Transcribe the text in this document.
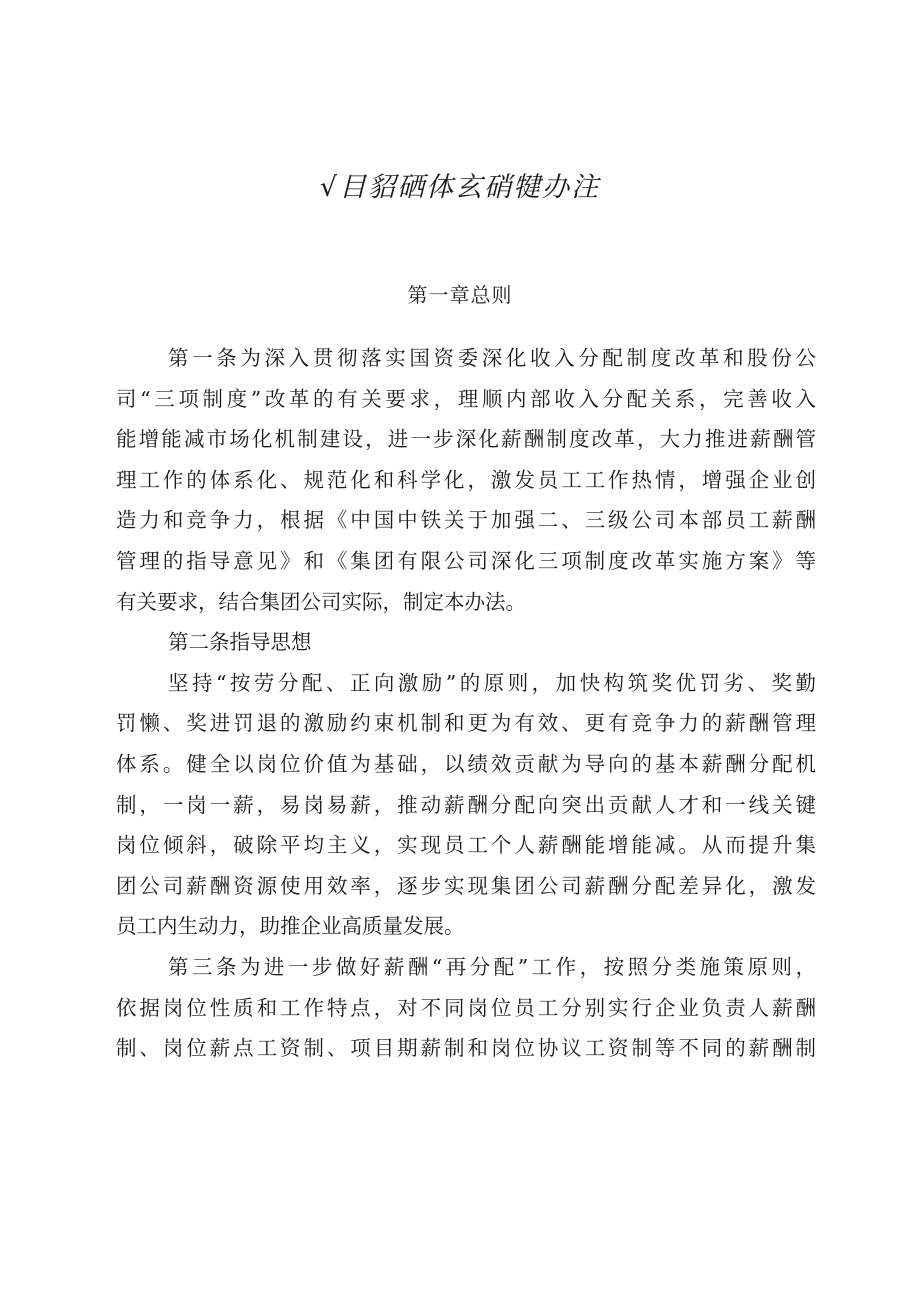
√目貂硒体玄硝犍办注
第一章总则
第一条为深入贯彻落实国资委深化收入分配制度改革和股份公
司“三项制度”改革的有关要求，理顺内部收入分配关系，完善收入
能增能减市场化机制建设，进一步深化薪酬制度改革，大力推进薪酬管
理工作的体系化、规范化和科学化，激发员工工作热情，增强企业创
造力和竞争力，根据《中国中铁关于加强二、三级公司本部员工薪酬
管理的指导意见》和《集团有限公司深化三项制度改革实施方案》等
有关要求，结合集团公司实际，制定本办法。
第二条指导思想
坚持“按劳分配、正向激励”的原则，加快构筑奖优罚劣、奖勤
罚懒、奖进罚退的激励约束机制和更为有效、更有竞争力的薪酬管理
体系。健全以岗位价值为基础，以绩效贡献为导向的基本薪酬分配机
制，一岗一薪，易岗易薪，推动薪酬分配向突出贡献人才和一线关键
岗位倾斜，破除平均主义，实现员工个人薪酬能增能减。从而提升集
团公司薪酬资源使用效率，逐步实现集团公司薪酬分配差异化，激发
员工内生动力，助推企业高质量发展。
第三条为进一步做好薪酬“再分配”工作，按照分类施策原则，
依据岗位性质和工作特点，对不同岗位员工分别实行企业负责人薪酬
制、岗位薪点工资制、项目期薪制和岗位协议工资制等不同的薪酬制
